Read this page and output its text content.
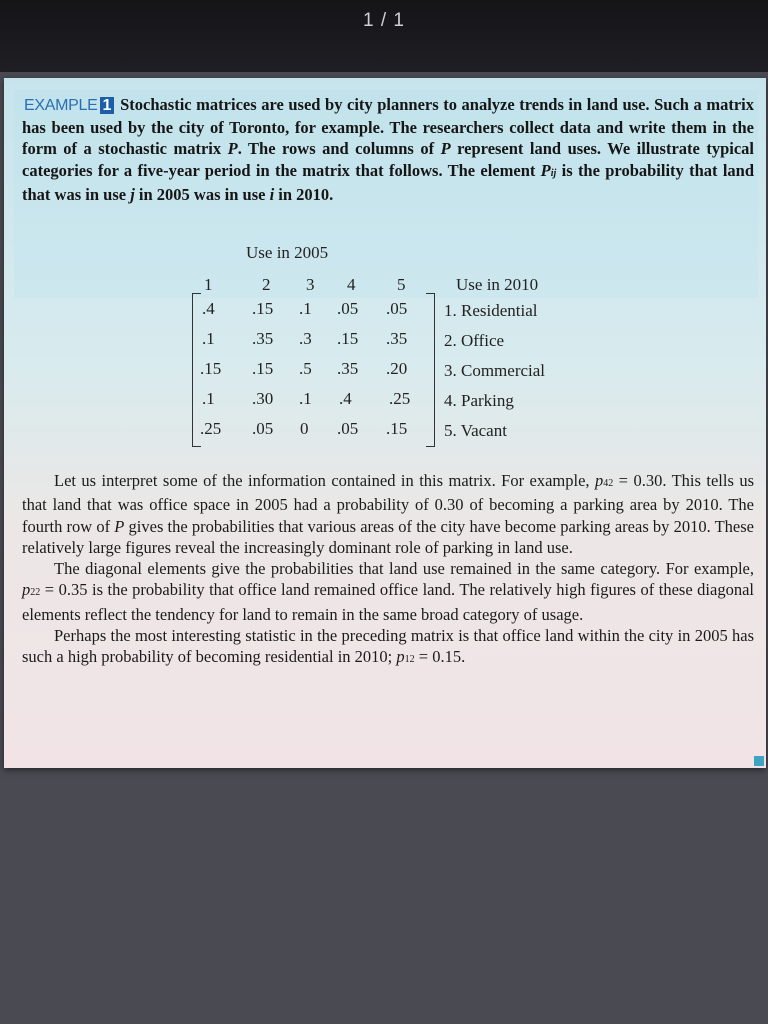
1 / 1
EXAMPLE 1 Stochastic matrices are used by city planners to analyze trends in land use. Such a matrix has been used by the city of Toronto, for example. The researchers collect data and write them in the form of a stochastic matrix P. The rows and columns of P represent land uses. We illustrate typical categories for a five-year period in the matrix that follows. The element Pij is the probability that land that was in use j in 2005 was in use i in 2010.
Use in 2005
1	2 3 4 5
.4 .15 .1 .05 .05
.1 .35 .3 .15 .35
.15 .15 .5 .35 .20
.1 .30 .1 .4 .25
.25 .05 0 .05 .15
Use in 2010
1. Residential
2. Office
3. Commercial
4. Parking
5. Vacant

Let us interpret some of the information contained in this matrix. For example, p42 = 0.30. This tells us that land that was office space in 2005 had a probability of 0.30 of becoming a parking area by 2010. The fourth row of P gives the probabilities that various areas of the city have become parking areas by 2010. These relatively large figures reveal the increasingly dominant role of parking in land use.

The diagonal elements give the probabilities that land use remained in the same category. For example, p22 = 0.35 is the probability that office land remained office land. The relatively high figures of these diagonal elements reflect the tendency for land to remain in the same broad category of usage.

Perhaps the most interesting statistic in the preceding matrix is that office land within the city in 2005 has such a high probability of becoming residential in 2010; p12 = 0.15.
